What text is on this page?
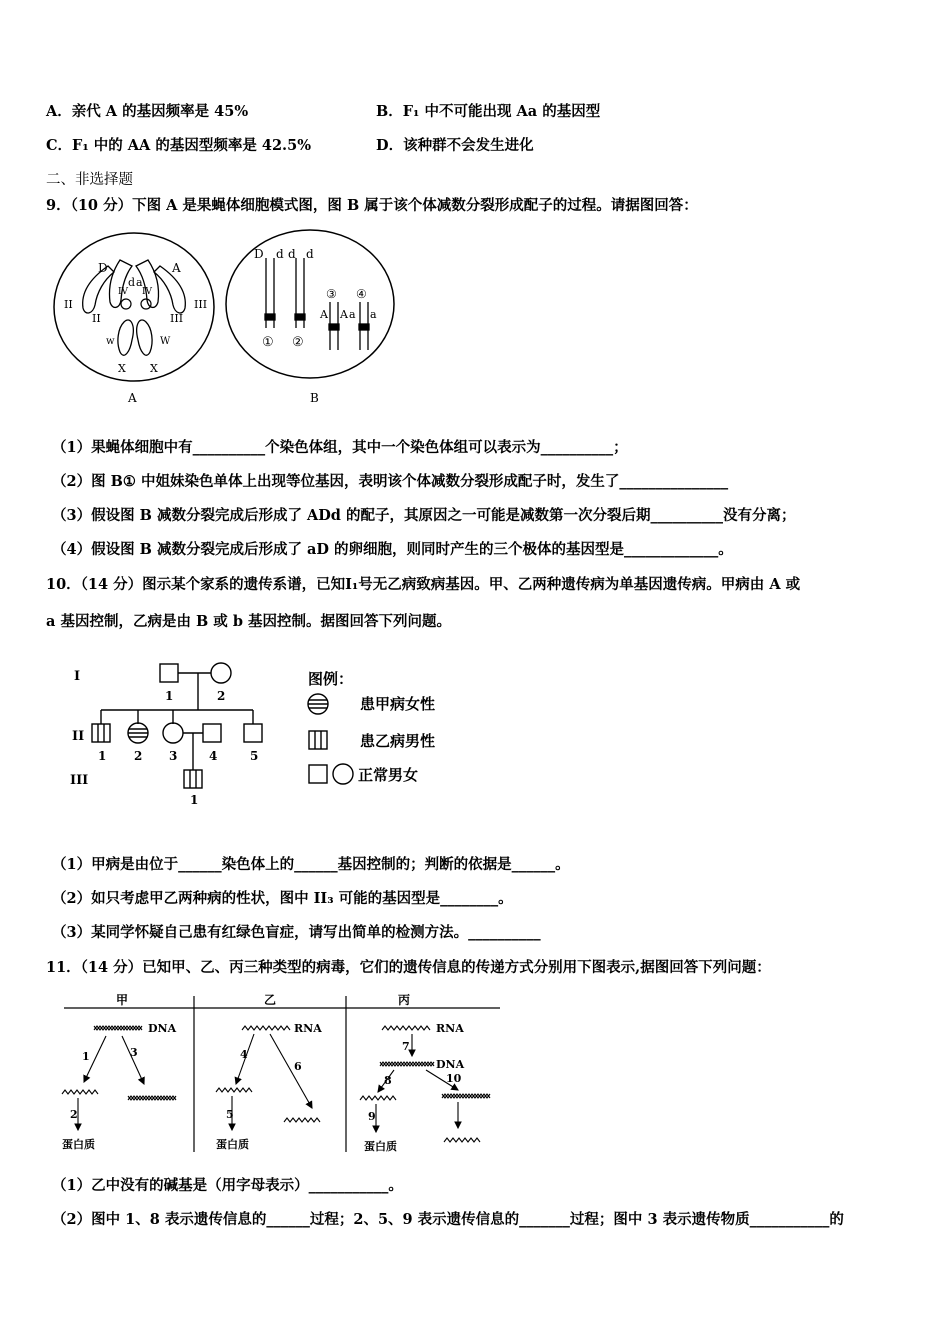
A．亲代 A 的基因频率是 45%	B．F₁ 中不可能出现 Aa 的基因型
C．F₁ 中的 AA 的基因型频率是 42.5%	D．该种群不会发生进化
二、非选择题
9．（10 分）下图 A 是果蝇体细胞模式图，图 B 属于该个体减数分裂形成配子的过程。请据图回答：
D	A
d a
II
II
IV IV
III
III
w	W
X X
A
D d d d
① ②
③ ④
A A a a
B
（1）果蝇体细胞中有__________个染色体组，其中一个染色体组可以表示为__________；
（2）图 B① 中姐妹染色单体上出现等位基因，表明该个体减数分裂形成配子时，发生了_______________
（3）假设图 B 减数分裂完成后形成了 ADd 的配子，其原因之一可能是减数第一次分裂后期__________没有分离；
（4）假设图 B 减数分裂完成后形成了 aD 的卵细胞，则同时产生的三个极体的基因型是_____________。
10．（14 分）图示某个家系的遗传系谱，已知Ⅰ₁号无乙病致病基因。甲、乙两种遗传病为单基因遗传病。甲病由 A 或
a 基因控制，乙病是由 B 或 b 基因控制。据图回答下列问题。
I
II
III
1	2
1 2 3	4	5
1
图例：
患甲病女性
患乙病男性
正常男女
（1）甲病是由位于______染色体上的______基因控制的；判断的依据是______。
（2）如只考虑甲乙两种病的性状，图中 II₃ 可能的基因型是________。
（3）某同学怀疑自己患有红绿色盲症，请写出简单的检测方法。__________
11．（14 分）已知甲、乙、丙三种类型的病毒，它们的遗传信息的传递方式分别用下图表示,据图回答下列问题：
甲	乙	丙
DNA
1	3
2
蛋白质
RNA
4
6
5
蛋白质
RNA
7
DNA
8	10
9
蛋白质
（1）乙中没有的碱基是（用字母表示）___________。
（2）图中 1、8 表示遗传信息的______过程；2、5、9 表示遗传信息的_______过程；图中 3 表示遗传物质___________的
